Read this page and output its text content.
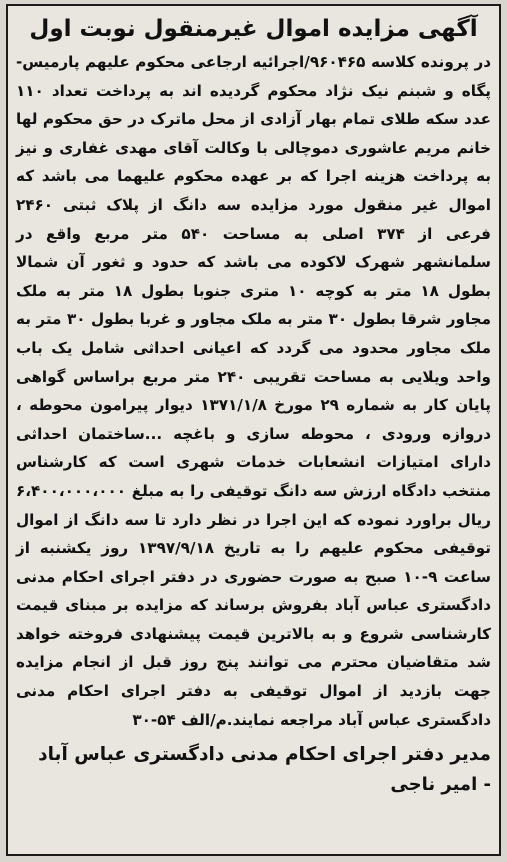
آگهی مزایده اموال غیرمنقول نوبت اول

در پرونده کلاسه ۹۶۰۴۶۵/اجرائیه ارجاعی محکوم علیهم پارمیس-پگاه و شبنم نیک نژاد محکوم گردیده اند به پرداخت تعداد ۱۱۰ عدد سکه طلای تمام بهار آزادی از محل ماترک در حق محکوم لها خانم مریم عاشوری دموچالی با وکالت آقای مهدی غفاری و نیز به پرداخت هزینه اجرا که بر عهده محکوم علیهما می باشد که اموال غیر منقول مورد مزایده سه دانگ از پلاک ثبتی ۲۴۶۰ فرعی از ۳۷۴ اصلی به مساحت ۵۴۰ متر مربع واقع در سلمانشهر شهرک لاکوده می باشد که حدود و ثغور آن شمالا بطول ۱۸ متر به کوچه ۱۰ متری جنوبا بطول ۱۸ متر به ملک مجاور شرقا بطول ۳۰ متر به ملک مجاور و غربا بطول ۳۰ متر به ملک مجاور محدود می گردد که اعیانی احداثی شامل یک باب واحد ویلایی به مساحت تقریبی ۲۴۰ متر مربع براساس گواهی پایان کار به شماره ۲۹ مورخ ۱۳۷۱/۱/۸ دیوار پیرامون محوطه ، دروازه ورودی ، محوطه سازی و باغچه ...ساختمان احداثی دارای امتیازات انشعابات خدمات شهری است که کارشناس منتخب دادگاه ارزش سه دانگ توقیفی را به مبلغ ۶،۴۰۰،۰۰۰،۰۰۰ ریال براورد نموده که این اجرا در نظر دارد تا سه دانگ از اموال توقیفی محکوم علیهم را به تاریخ ۱۳۹۷/۹/۱۸ روز یکشنبه از ساعت ۹-۱۰ صبح به صورت حضوری در دفتر اجرای احکام مدنی دادگستری عباس آباد بفروش برساند که مزایده بر مبنای قیمت کارشناسی شروع و به بالاترین قیمت پیشنهادی فروخته خواهد شد متقاضیان محترم می توانند پنج روز قبل از انجام مزایده جهت بازدید از اموال توقیفی به دفتر اجرای احکام مدنی دادگستری عباس آباد مراجعه نمایند.م/الف ۵۴-۳۰

مدیر دفتر اجرای احکام مدنی دادگستری عباس آباد
- امیر ناجی
